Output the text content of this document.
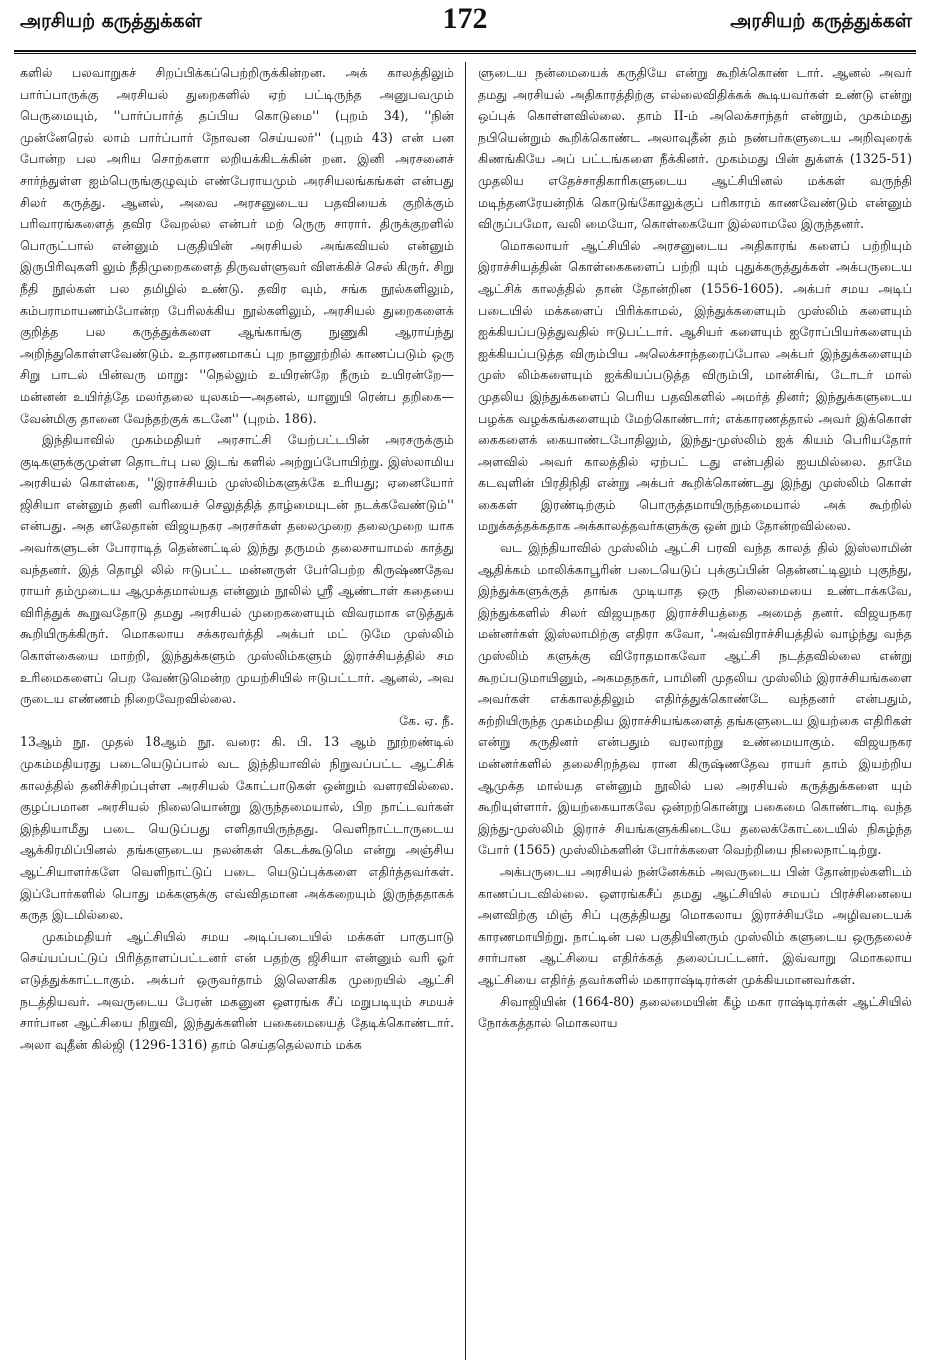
அரசியற் கருத்துக்கள்	172	அரசியற் கருத்துக்கள்

களில் பலவாறுகச் சிறப்பிக்கப்பெற்றிருக்கின்றன. அக் காலத்திலும் பார்ப்பாருக்கு அரசியல் துறைகளில் ஏற் பட்டிருந்த அனுபவமும் பெருமையும், ''பார்ப்பார்த் தப்பிய கொடுமை'' (புறம் 34), ''நின் முன்னேரெல் லாம் பார்ப்பார் நோவன செய்யலர்'' (புறம் 43) என் பன போன்ற பல அரிய சொற்களா லறியக்கிடக்கின் றன. இனி அரசனைச் சார்ந்துள்ள ஐம்பெருங்குழுவும் எண்பேராயமும் அரசியலங்கங்கள் என்பது சிலர் கருத்து. ஆனல், அவை அரசனுடைய பதவியைக் குறிக்கும் பரிவாரங்களைத் தவிர வேறல்ல என்பர் மற் ருெரு சாரார். திருக்குறளில் பொருட்பால் என்னும் பகுதியின் அரசியல் அங்கவியல் என்னும் இருபிரிவுகளி லும் நீதிமுறைகளைத் திருவள்ளுவர் விளக்கிச் செல் கிருர். சிறு நீதி நூல்கள் பல தமிழில் உண்டு. தவிர வும், சங்க நூல்களிலும், கம்பராமாயணம்போன்ற பேரிலக்கிய நூல்களிலும், அரசியல் துறைகளைக் குறித்த பல கருத்துக்களை ஆங்காங்கு நுணுகி ஆராய்ந்து அறிந்துகொள்ளவேண்டும். உதாரணமாகப் புற நானூற்றில் காணப்படும் ஒரு சிறு பாடல் பின்வரு மாறு: ''நெல்லும் உயிரன்றே நீரும் உயிரன்றே— மன்னன் உயிர்த்தே மலர்தலை யுலகம்—அதனல், யானுயி ரென்ப தறிகை—வேன்மிகு தானை வேந்தற்குக் கடனே'' (புறம். 186).

இந்தியாவில் முகம்மதியர் அரசாட்சி யேற்பட்டபின் அரசருக்கும் குடிகளுக்குமுள்ள தொடர்பு பல இடங் களில் அற்றுப்போயிற்று. இஸ்லாமிய அரசியல் கொள்கை, ''இராச்சியம் முஸ்லிம்களுக்கே உரியது; ஏனையோர் ஜிசியா என்னும் தனி வரியைச் செலுத்தித் தாழ்மையுடன் நடக்கவேண்டும்'' என்பது. அத னலேதான் விஜயநகர அரசர்கள் தலைமுறை தலைமுறை யாக அவர்களுடன் போராடித் தென்னட்டில் இந்து தருமம் தலைசாயாமல் காத்து வந்தனர். இத் தொழி லில் ஈடுபட்ட மன்னருள் பேர்பெற்ற கிருஷ்ணதேவ ராயர் தம்முடைய ஆமுக்தமால்யத என்னும் நூலில் ஸ்ரீ ஆண்டாள் கதையை விரித்துக் கூறுவதோடு தமது அரசியல் முறைகளையும் விவரமாக எடுத்துக் கூறியிருக்கிருர். மொகலாய சக்கரவர்த்தி அக்பர் மட் டுமே முஸ்லிம் கொள்கையை மாற்றி, இந்துக்களும் முஸ்லிம்களும் இராச்சியத்தில் சம உரிமைகளைப் பெற வேண்டுமென்ற முயற்சியில் ஈடுபட்டார். ஆனல், அவ ருடைய எண்ணம் நிறைவேறவில்லை.

கே. ஏ. நீ.

13ஆம் நூ. முதல் 18ஆம் நூ. வரை: கி. பி. 13 ஆம் நூற்றண்டில் முகம்மதியரது படையெடுப்பால் வட இந்தியாவில் நிறுவப்பட்ட ஆட்சிக் காலத்தில் தனிச்சிறப்புள்ள அரசியல் கோட்பாடுகள் ஒன்றும் வளரவில்லை. குழப்பமான அரசியல் நிலையொன்று இருந்தமையால், பிற நாட்டவர்கள் இந்தியாமீது படை யெடுப்பது எளிதாயிருந்தது. வெளிநாட்டாருடைய ஆக்கிரமிப்பினல் தங்களுடைய நலன்கள் கெடக்கூடுமெ என்று அஞ்சிய ஆட்சியாளர்களே வெளிநாட்டுப் படை யெடுப்புக்களை எதிர்த்தவர்கள். இப்போர்களில் பொது மக்களுக்கு எவ்விதமான அக்கறையும் இருந்ததாகக் கருத இடமில்லை.

முகம்மதியர் ஆட்சியில் சமய அடிப்படையில் மக்கள் பாகுபாடு செய்யப்பட்டுப் பிரித்தாளப்பட்டனர் என் பதற்கு ஜிசியா என்னும் வரி ஓர் எடுத்துக்காட்டாகும். அக்பர் ஒருவர்தாம் இலௌகிக முறையில் ஆட்சி நடத்தியவர். அவருடைய பேரன் மகனுன ஔரங்க சீப் மறுபடியும் சமயச் சார்பான ஆட்சியை நிறுவி, இந்துக்களின் பகைமையைத் தேடிக்கொண்டார். அலா வுதீன் கில்ஜி (1296-1316) தாம் செய்ததெல்லாம் மக்க

ளுடைய நன்மையைக் கருதியே என்று கூறிக்கொண் டார். ஆனல் அவர் தமது அரசியல் அதிகாரத்திற்கு எல்லைவிதிக்கக் கூடியவர்கள் உண்டு என்று ஒப்புக் கொள்ளவில்லை. தாம் II-ம் அலெக்சாந்தர் என்றும், முகம்மது நபியென்றும் கூறிக்கொண்ட அலாவுதீன் தம் நண்பர்களுடைய அறிவுரைக் கிணங்கியே அப் பட்டங்களை நீக்கினர். முகம்மது பின் துக்ளக் (1325-51) முதலிய எதேச்சாதிகாரிகளுடைய ஆட்சியினல் மக்கள் வருந்தி மடிந்தனரேயன்றிக் கொடுங்கோலுக்குப் பரிகாரம் காணவேண்டும் என்னும் விருப்பமோ, வலி மையோ, கொள்கையோ இல்லாமலே இருந்தனர்.

மொகலாயர் ஆட்சியில் அரசனுடைய அதிகாரங் களைப் பற்றியும் இராச்சியத்தின் கொள்கைகளைப் பற்றி யும் புதுக்கருத்துக்கள் அக்பருடைய ஆட்சிக் காலத்தில் தான் தோன்றின (1556-1605). அக்பர் சமய அடிப் படையில் மக்களைப் பிரிக்காமல், இந்துக்களையும் முஸ்லிம் களையும் ஐக்கியப்படுத்துவதில் ஈடுபட்டார். ஆசியர் களையும் ஐரோப்பியர்களையும் ஐக்கியப்படுத்த விரும்பிய அலெக்சாந்தரைப்போல அக்பர் இந்துக்களையும் முஸ் லிம்களையும் ஐக்கியப்படுத்த விரும்பி, மான்சிங், டோடர் மால் முதலிய இந்துக்களைப் பெரிய பதவிகளில் அமர்த் தினர்; இந்துக்களுடைய பழக்க வழக்கங்களையும் மேற்கொண்டார்; எக்காரணத்தால் அவர் இக்கொள் கைகளைக் கையாண்டபோதிலும், இந்து-முஸ்லிம் ஐக் கியம் பெரியதோர் அளவில் அவர் காலத்தில் ஏற்பட் டது என்பதில் ஐயமில்லை. தாமே கடவுளின் பிரதிநிதி என்று அக்பர் கூறிக்கொண்டது இந்து முஸ்லிம் கொள் கைகள் இரண்டிற்கும் பொருத்தமாயிருந்தமையால் அக் கூற்றில் மறுக்கத்தக்கதாக அக்காலத்தவர்களுக்கு ஒன் றும் தோன்றவில்லை.

வட இந்தியாவில் முஸ்லிம் ஆட்சி பரவி வந்த காலத் தில் இஸ்லாமின் ஆதிக்கம் மாலிக்காபூரின் படையெடுப் புக்குப்பின் தென்னட்டிலும் புகுந்து, இந்துக்களுக்குத் தாங்க முடியாத ஒரு நிலைமையை உண்டாக்கவே, இந்துக்களில் சிலர் விஜயநகர இராச்சியத்தை அமைத் தனர். விஜயநகர மன்னர்கள் இஸ்லாமிற்கு எதிரா கவோ, 'அவ்விராச்சியத்தில் வாழ்ந்து வந்த முஸ்லிம் களுக்கு விரோதமாகவோ ஆட்சி நடத்தவில்லை என்று கூறப்படுமாயினும், அகமதநகர், பாமினி முதலிய முஸ்லிம் இராச்சியங்களை அவர்கள் எக்காலத்திலும் எதிர்த்துக்கொண்டே வந்தனர் என்பதும், சுற்றியிருந்த முகம்மதிய இராச்சியங்களைத் தங்களுடைய இயற்கை எதிரிகள் என்று கருதினர் என்பதும் வரலாற்று உண்மையாகும். விஜயநகர மன்னர்களில் தலைசிறந்தவ ரான கிருஷ்ணதேவ ராயர் தாம் இயற்றிய ஆமுக்த மால்யத என்னும் நூலில் பல அரசியல் கருத்துக்களை யும் கூறியுள்ளார். இயற்கையாகவே ஒன்றற்கொன்று பகைமை கொண்டாடி வந்த இந்து-முஸ்லிம் இராச் சியங்களுக்கிடையே தலைக்கோட்டையில் நிகழ்ந்த போர் (1565) முஸ்லிம்களின் போர்க்களை வெற்றியை நிலைநாட்டிற்று.

அக்பருடைய அரசியல் நன்னேக்கம் அவருடைய பின் தோன்றல்களிடம் காணப்படவில்லை. ஔரங்கசீப் தமது ஆட்சியில் சமயப் பிரச்சினையை அளவிற்கு மிஞ் சிப் புகுத்தியது மொகலாய இராச்சியமே அழிவடையக் காரணமாயிற்று. நாட்டின் பல பகுதியினரும் முஸ்லிம் களுடைய ஒருதலைச் சார்பான ஆட்சியை எதிர்க்கத் தலைப்பட்டனர். இவ்வாறு மொகலாய ஆட்சியை எதிர்த் தவர்களில் மகாராஷ்டிரர்கள் முக்கியமானவர்கள்.

சிவாஜியின் (1664-80) தலைமையின் கீழ் மகா ராஷ்டிரர்கள் ஆட்சியில் நோக்கத்தால் மொகலாய
